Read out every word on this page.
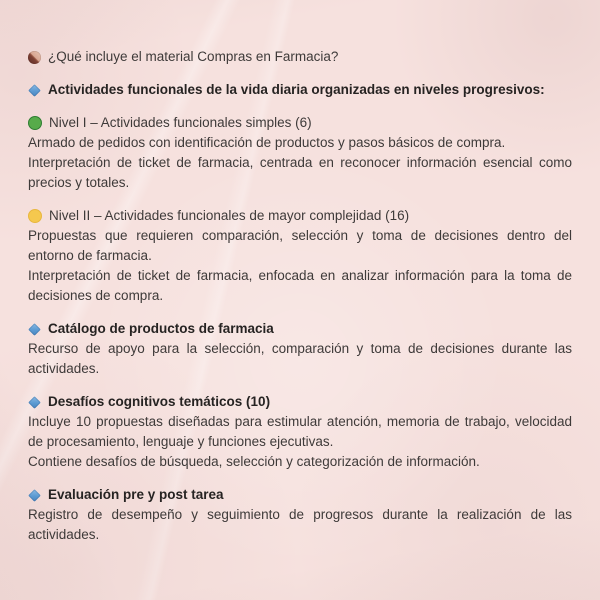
¿Qué incluye el material Compras en Farmacia?
Actividades funcionales de la vida diaria organizadas en niveles progresivos:
Nivel I – Actividades funcionales simples (6)

Armado de pedidos con identificación de productos y pasos básicos de compra.

Interpretación de ticket de farmacia, centrada en reconocer información esencial como precios y totales.

Nivel II – Actividades funcionales de mayor complejidad (16)

Propuestas que requieren comparación, selección y toma de decisiones dentro del entorno de farmacia.

Interpretación de ticket de farmacia, enfocada en analizar información para la toma de decisiones de compra.

Catálogo de productos de farmacia

Recurso de apoyo para la selección, comparación y toma de decisiones durante las actividades.

Desafíos cognitivos temáticos (10)

Incluye 10 propuestas diseñadas para estimular atención, memoria de trabajo, velocidad de procesamiento, lenguaje y funciones ejecutivas.

Contiene desafíos de búsqueda, selección y categorización de información.

Evaluación pre y post tarea

Registro de desempeño y seguimiento de progresos durante la realización de las actividades.
